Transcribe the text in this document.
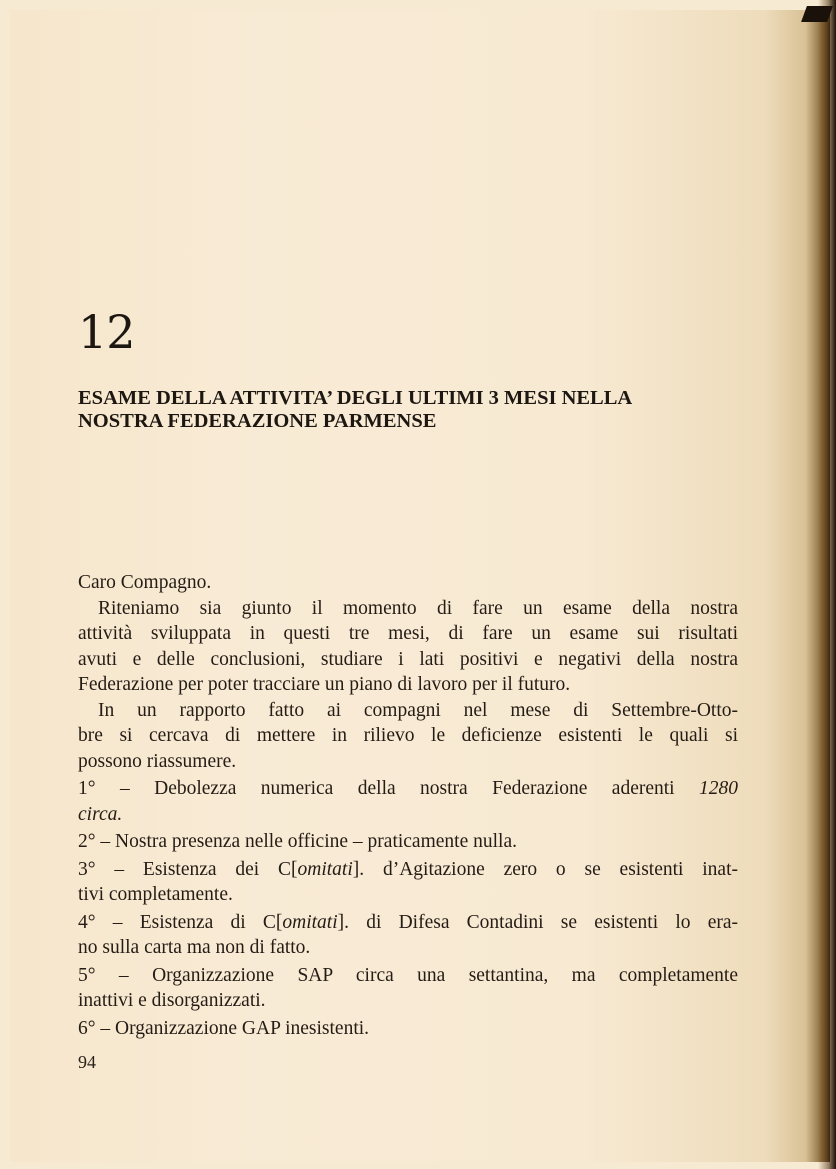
12
ESAME DELLA ATTIVITA’ DEGLI ULTIMI 3 MESI NELLA
NOSTRA FEDERAZIONE PARMENSE
Caro Compagno.
Riteniamo sia giunto il momento di fare un esame della nostra
attività sviluppata in questi tre mesi, di fare un esame sui risultati
avuti e delle conclusioni, studiare i lati positivi e negativi della nostra
Federazione per poter tracciare un piano di lavoro per il futuro.
In un rapporto fatto ai compagni nel mese di Settembre-Otto-
bre si cercava di mettere in rilievo le deficienze esistenti le quali si
possono riassumere.
1° – Debolezza numerica della nostra Federazione aderenti 1280
circa.
2° – Nostra presenza nelle officine – praticamente nulla.
3° – Esistenza dei C[omitati]. d’Agitazione zero o se esistenti inat-
tivi completamente.
4° – Esistenza di C[omitati]. di Difesa Contadini se esistenti lo era-
no sulla carta ma non di fatto.
5° – Organizzazione SAP circa una settantina, ma completamente
inattivi e disorganizzati.
6° – Organizzazione GAP inesistenti.
94
